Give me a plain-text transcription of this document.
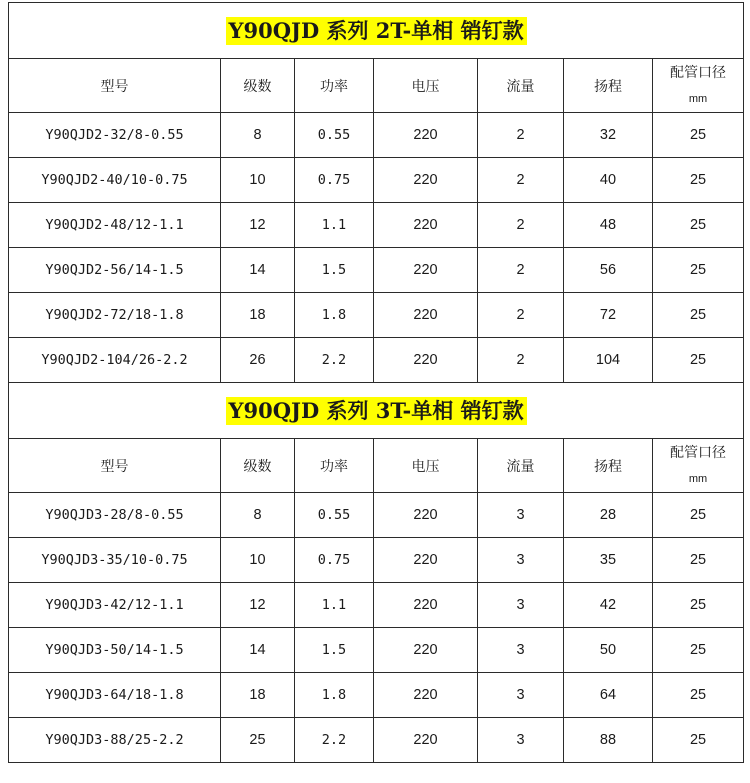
Y90QJD 系列 2T-单相 销钉款						
型号	级数	功率	电压	流量	扬程	配管口径
mm

Y90QJD2-32/8-0.55	8	0.55	220	2	32	25
Y90QJD2-40/10-0.75	10	0.75	220	2	40	25
Y90QJD2-48/12-1.1	12	1.1	220	2	48	25
Y90QJD2-56/14-1.5	14	1.5	220	2	56	25
Y90QJD2-72/18-1.8	18	1.8	220	2	72	25
Y90QJD2-104/26-2.2	26	2.2	220	2	104	25
Y90QJD 系列 3T-单相 销钉款						
型号	级数	功率	电压	流量	扬程	配管口径
mm

Y90QJD3-28/8-0.55	8	0.55	220	3	28	25
Y90QJD3-35/10-0.75	10	0.75	220	3	35	25
Y90QJD3-42/12-1.1	12	1.1	220	3	42	25
Y90QJD3-50/14-1.5	14	1.5	220	3	50	25
Y90QJD3-64/18-1.8	18	1.8	220	3	64	25
Y90QJD3-88/25-2.2	25	2.2	220	3	88	25
